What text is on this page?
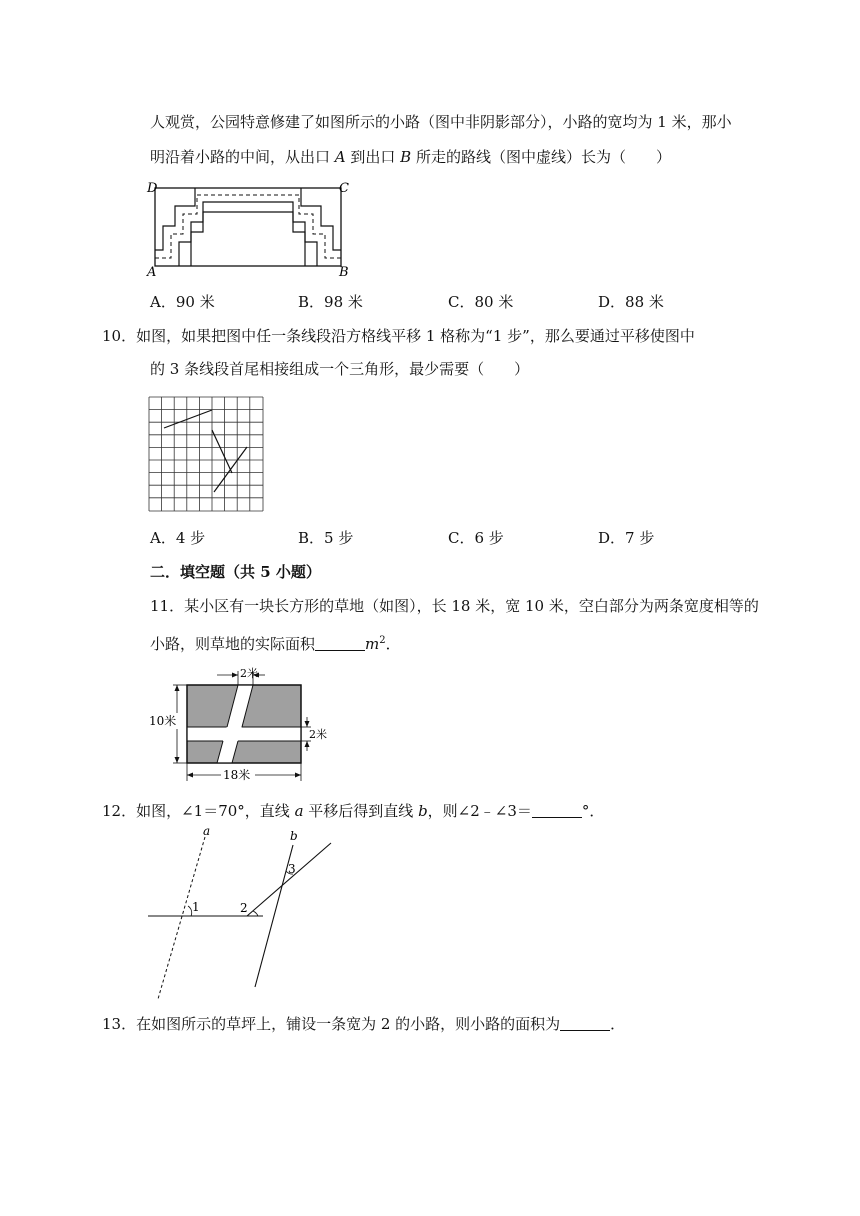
人观赏，公园特意修建了如图所示的小路（图中非阴影部分），小路的宽均为 1 米，那小
明沿着小路的中间，从出口 A 到出口 B 所走的路线（图中虚线）长为（　　）
D	C
A	B
A．90 米	B．98 米	C．80 米	D．88 米
10．如图，如果把图中任一条线段沿方格线平移 1 格称为“1 步”，那么要通过平移使图中
的 3 条线段首尾相接组成一个三角形，最少需要（　　）
A．4 步	B．5 步	C．6 步	D．7 步
二．填空题（共 5 小题）
11．某小区有一块长方形的草地（如图），长 18 米，宽 10 米，空白部分为两条宽度相等的
小路，则草地的实际面积	$m^2$．
2米
10米
2米
18米
12．如图，∠1＝70°，直线 a 平移后得到直线 b，则∠2﹣∠3＝	°．
a	b
1	2
3
13．在如图所示的草坪上，铺设一条宽为 2 的小路，则小路的面积为	．
